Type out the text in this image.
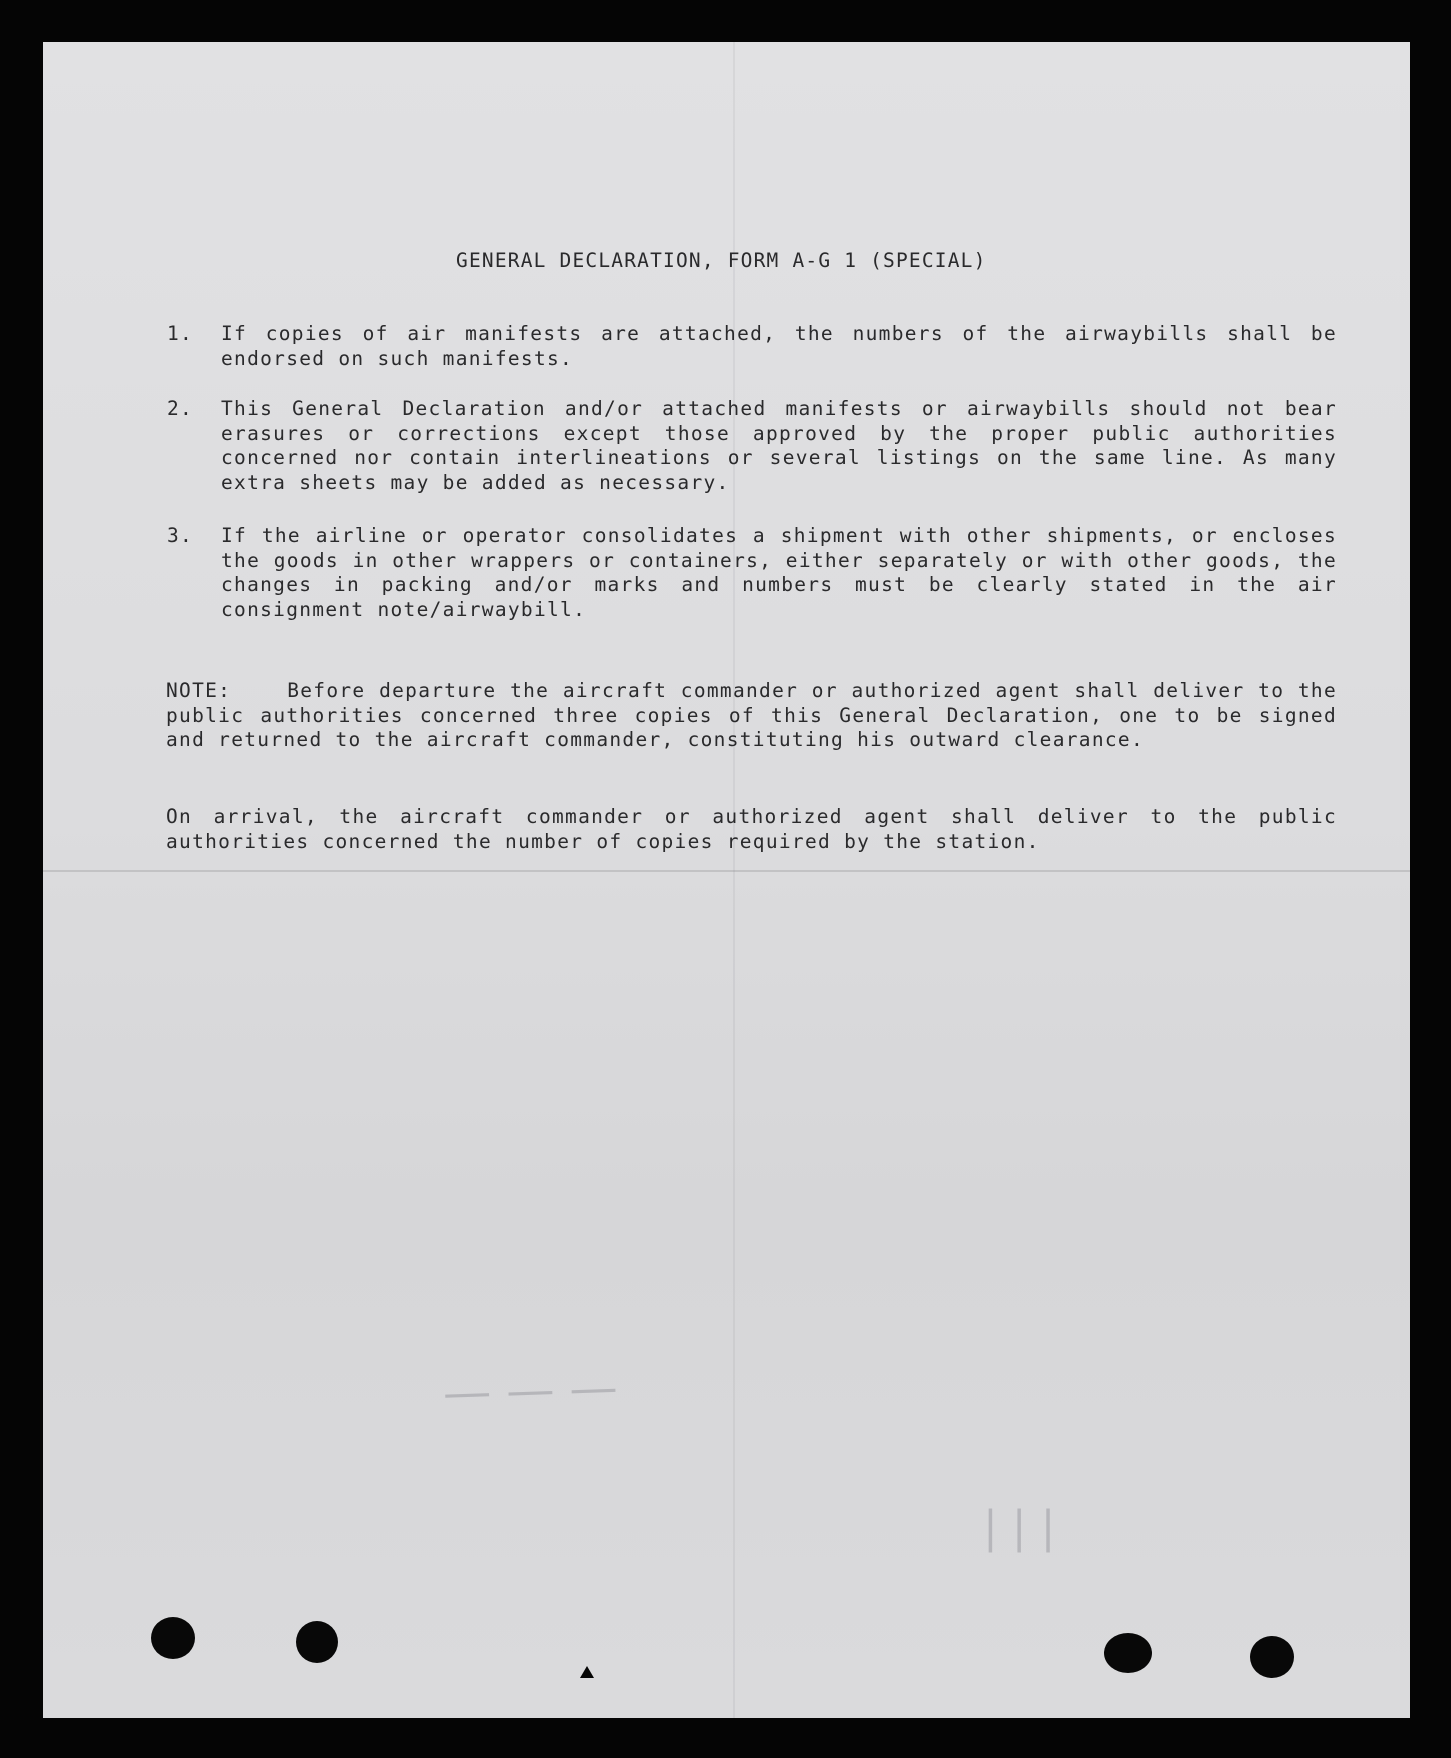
GENERAL DECLARATION, FORM A-G 1 (SPECIAL)
1.	If copies of air manifests are attached, the numbers of the airwaybills shall be endorsed on such manifests.
2.	This General Declaration and/or attached manifests or airwaybills should not bear erasures or corrections except those approved by the proper public authorities concerned nor contain interlineations or several listings on the same line. As many extra sheets may be added as necessary.
3.	If the airline or operator consolidates a shipment with other shipments, or encloses the goods in other wrappers or containers, either separately or with other goods, the changes in packing and/or marks and numbers must be clearly stated in the air consignment note/airwaybill.
NOTE:	Before departure the aircraft commander or authorized agent shall deliver to the public authorities concerned three copies of this General Declaration, one to be signed and returned to the aircraft commander, constituting his outward clearance.
On arrival, the aircraft commander or authorized agent shall deliver to the public authorities concerned the number of copies required by the station.
— — —
| | |
